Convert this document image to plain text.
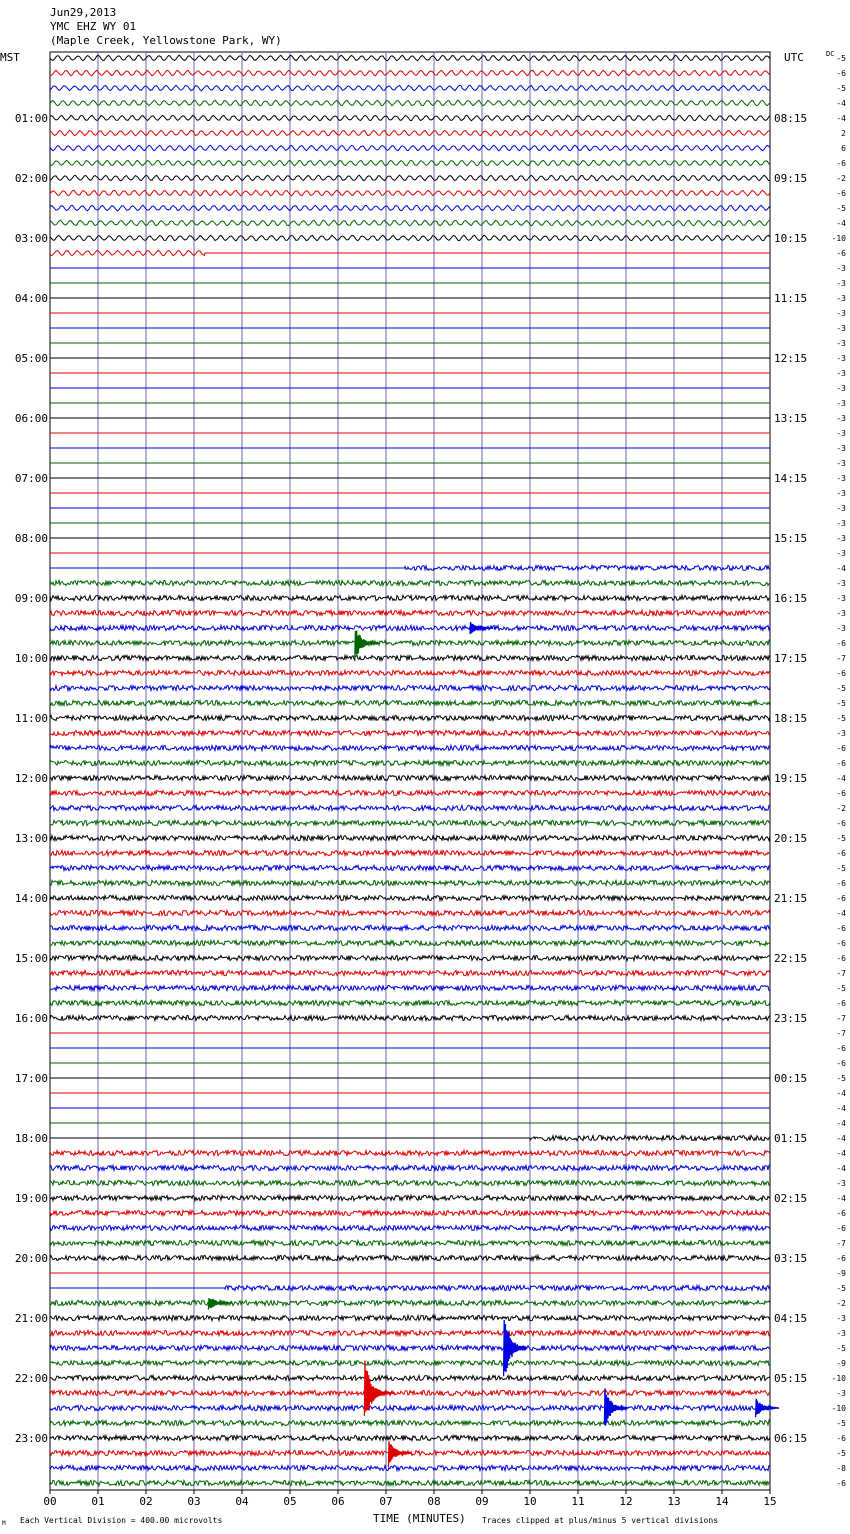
Jun29,2013
YMC EHZ WY 01
(Maple Creek, Yellowstone Park, WY)
-5
-6
-5
-4
-4
2
6
-6
-2
-6
-5
-4
-10
-6
-3
-3
-3
-3
-3
-3
-3
-3
-3
-3
-3
-3
-3
-3
-3
-3
-3
-3
-3
-3
-4
-3
-3
-3
-3
-6
-7
-6
-5
-5
-5
-3
-6
-6
-4
-6
-2
-6
-5
-6
-5
-6
-6
-4
-6
-6
-6
-7
-5
-6
-7
-7
-6
-6
-5
-4
-4
-4
-4
-4
-4
-3
-4
-6
-6
-7
-6
-9
-5
-2
-3
-3
-5
-9
-10
-3
-10
-5
-6
-5
-8
-6
01:00	08:15
02:00	09:15
03:00	10:15
04:00	11:15
05:00	12:15
06:00	13:15
07:00	14:15
08:00	15:15
09:00	16:15
10:00	17:15
11:00	18:15
12:00	19:15
13:00	20:15
14:00	21:15
15:00	22:15
16:00	23:15
17:00	00:15
18:00	01:15
19:00	02:15
20:00	03:15
21:00	04:15
22:00	05:15
23:00	06:15
MST	UTC	DC
00	01	02	03	04	05	06	07	08	09	10	11	12	13	14	15
M Each Vertical Division = 400.00 microvolts	TIME (MINUTES) Traces clipped at plus/minus 5 vertical divisions
